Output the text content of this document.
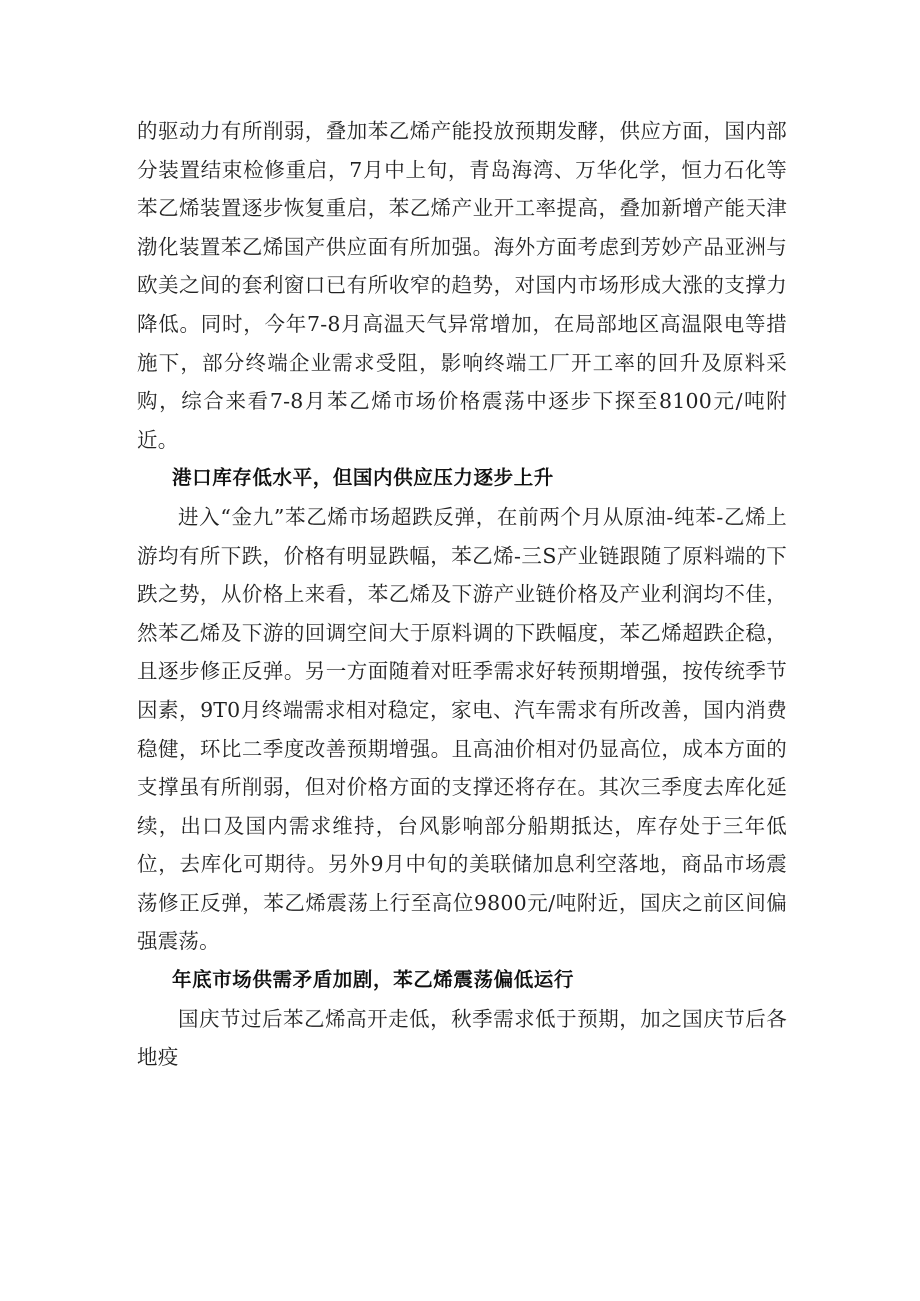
的驱动力有所削弱，叠加苯乙烯产能投放预期发酵，供应方面，国内部分装置结束检修重启，7月中上旬，青岛海湾、万华化学，恒力石化等苯乙烯装置逐步恢复重启，苯乙烯产业开工率提高，叠加新增产能天津渤化装置苯乙烯国产供应面有所加强。海外方面考虑到芳妙产品亚洲与欧美之间的套利窗口已有所收窄的趋势，对国内市场形成大涨的支撑力降低。同时，今年7-8月高温天气异常增加，在局部地区高温限电等措施下，部分终端企业需求受阻，影响终端工厂开工率的回升及原料采购，综合来看7-8月苯乙烯市场价格震荡中逐步下探至8100元/吨附近。

港口库存低水平，但国内供应压力逐步上升

进入“金九”苯乙烯市场超跌反弹，在前两个月从原油-纯苯-乙烯上游均有所下跌，价格有明显跌幅，苯乙烯-三S产业链跟随了原料端的下跌之势，从价格上来看，苯乙烯及下游产业链价格及产业利润均不佳，然苯乙烯及下游的回调空间大于原料调的下跌幅度，苯乙烯超跌企稳，且逐步修正反弹。另一方面随着对旺季需求好转预期增强，按传统季节因素，9T0月终端需求相对稳定，家电、汽车需求有所改善，国内消费稳健，环比二季度改善预期增强。且高油价相对仍显高位，成本方面的支撑虽有所削弱，但对价格方面的支撑还将存在。其次三季度去库化延续，出口及国内需求维持，台风影响部分船期抵达，库存处于三年低位，去库化可期待。另外9月中旬的美联储加息利空落地，商品市场震荡修正反弹，苯乙烯震荡上行至高位9800元/吨附近，国庆之前区间偏强震荡。

年底市场供需矛盾加剧，苯乙烯震荡偏低运行

国庆节过后苯乙烯高开走低，秋季需求低于预期，加之国庆节后各地疫
